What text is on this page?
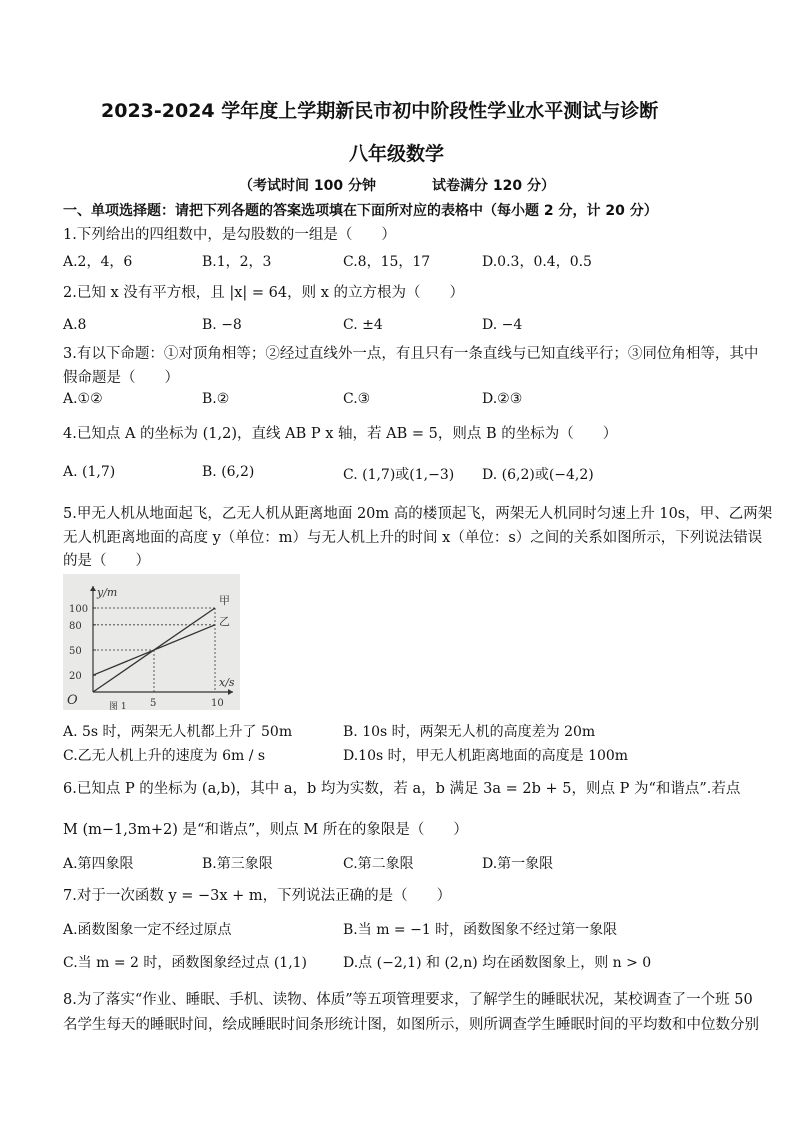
2023-2024 学年度上学期新民市初中阶段性学业水平测试与诊断
八年级数学
（考试时间 100 分钟	试卷满分 120 分）
一、单项选择题：请把下列各题的答案选项填在下面所对应的表格中（每小题 2 分，计 20 分）
1.下列给出的四组数中，是勾股数的一组是（　　）
A.2，4，6	B.1，2，3	C.8，15，17	D.0.3，0.4，0.5
2.已知 x 没有平方根，且 |x| = 64，则 x 的立方根为（　　）
A.8	B. −8	C. ±4	D. −4
3.有以下命题：①对顶角相等；②经过直线外一点，有且只有一条直线与已知直线平行；③同位角相等，其中
假命题是（　　）
A.①②	B.②	C.③	D.②③
4.已知点 A 的坐标为 (1,2)，直线 AB P x 轴，若 AB = 5，则点 B 的坐标为（　　）
A. (1,7)	B. (6,2)	C. (1,7)或(1,−3) D. (6,2)或(−4,2)
5.甲无人机从地面起飞，乙无人机从距离地面 20m 高的楼顶起飞，两架无人机同时匀速上升 10s，甲、乙两架
无人机距离地面的高度 y（单位：m）与无人机上升的时间 x（单位：s）之间的关系如图所示，下列说法错误
的是（　　）
y/m
x/s
O
100
80
50
20
5	10
甲
乙
图 1
A. 5s 时，两架无人机都上升了 50m	B. 10s 时，两架无人机的高度差为 20m
C.乙无人机上升的速度为 6m / s	D.10s 时，甲无人机距离地面的高度是 100m
6.已知点 P 的坐标为 (a,b)，其中 a，b 均为实数，若 a，b 满足 3a = 2b + 5，则点 P 为“和谐点”.若点
M (m−1,3m+2) 是“和谐点”，则点 M 所在的象限是（　　）
A.第四象限	B.第三象限	C.第二象限	D.第一象限
7.对于一次函数 y = −3x + m，下列说法正确的是（　　）
A.函数图象一定不经过原点	B.当 m = −1 时，函数图象不经过第一象限
C.当 m = 2 时，函数图象经过点 (1,1)	D.点 (−2,1) 和 (2,n) 均在函数图象上，则 n > 0
8.为了落实“作业、睡眠、手机、读物、体质”等五项管理要求，了解学生的睡眠状况，某校调查了一个班 50
名学生每天的睡眠时间，绘成睡眠时间条形统计图，如图所示，则所调查学生睡眠时间的平均数和中位数分别
